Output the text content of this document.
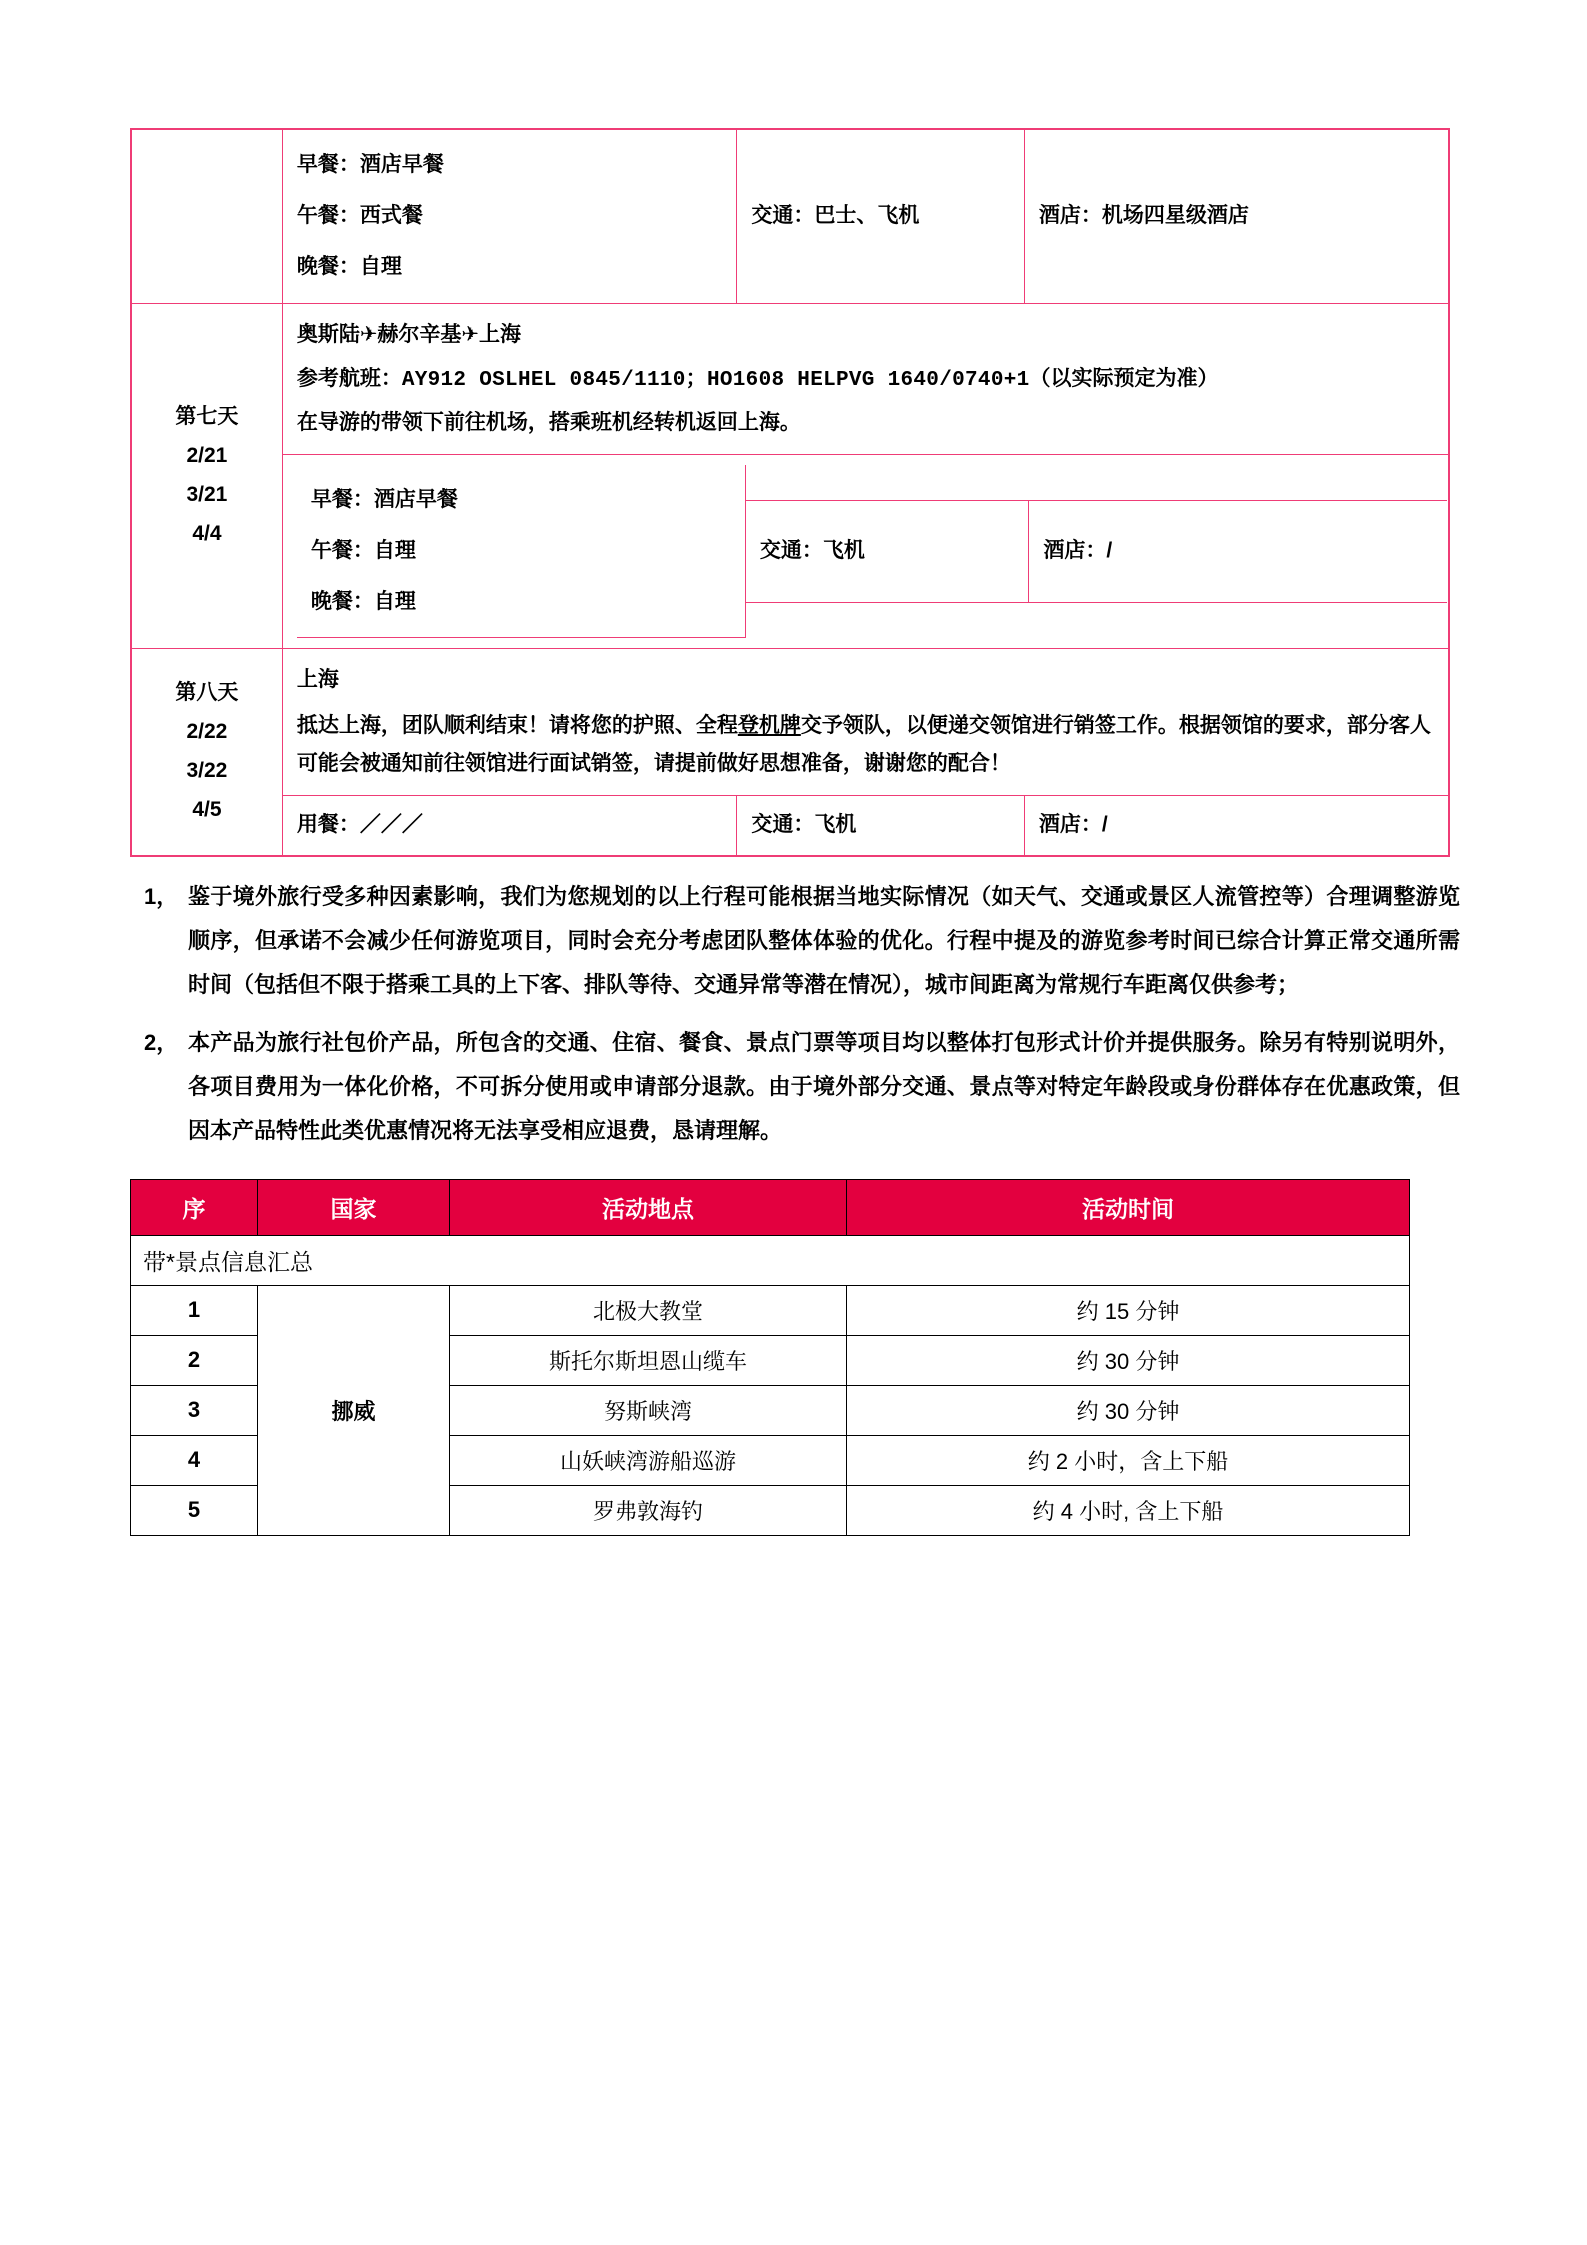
早餐：酒店早餐
午餐：西式餐
晚餐：自理
	交通：巴士、飞机	酒店：机场四星级酒店

第七天
2/21
3/21
4/4

奥斯陆✈赫尔辛基✈上海

参考航班：AY912 OSLHEL 0845/1110；HO1608 HELPVG 1640/0740+1（以实际预定为准）

在导游的带领下前往机场，搭乘班机经转机返回上海。

早餐：酒店早餐
午餐：自理
晚餐：自理

交通：飞机	酒店：/

第八天
2/22
3/22
4/5

上海

抵达上海，团队顺利结束！请将您的护照、全程登机牌交予领队，以便递交领馆进行销签工作。根据领馆的要求，部分客人可能会被通知前往领馆进行面试销签，请提前做好思想准备，谢谢您的配合！

用餐：／／／	交通：飞机	酒店：/
1， 鉴于境外旅行受多种因素影响，我们为您规划的以上行程可能根据当地实际情况（如天气、交通或景区人流管控等）合理调整游览顺序，但承诺不会减少任何游览项目，同时会充分考虑团队整体体验的优化。行程中提及的游览参考时间已综合计算正常交通所需时间（包括但不限于搭乘工具的上下客、排队等待、交通异常等潜在情况），城市间距离为常规行车距离仅供参考；
2， 本产品为旅行社包价产品，所包含的交通、住宿、餐食、景点门票等项目均以整体打包形式计价并提供服务。除另有特别说明外，各项目费用为一体化价格，不可拆分使用或申请部分退款。由于境外部分交通、景点等对特定年龄段或身份群体存在优惠政策，但因本产品特性此类优惠情况将无法享受相应退费，恳请理解。
带*景点信息汇总			
序	国家	活动地点	活动时间
1	挪威	北极大教堂	约 15 分钟
2		斯托尔斯坦恩山缆车	约 30 分钟
3		努斯峡湾	约 30 分钟
4		山妖峡湾游船巡游	约 2 小时，含上下船
5		罗弗敦海钓	约 4 小时, 含上下船
